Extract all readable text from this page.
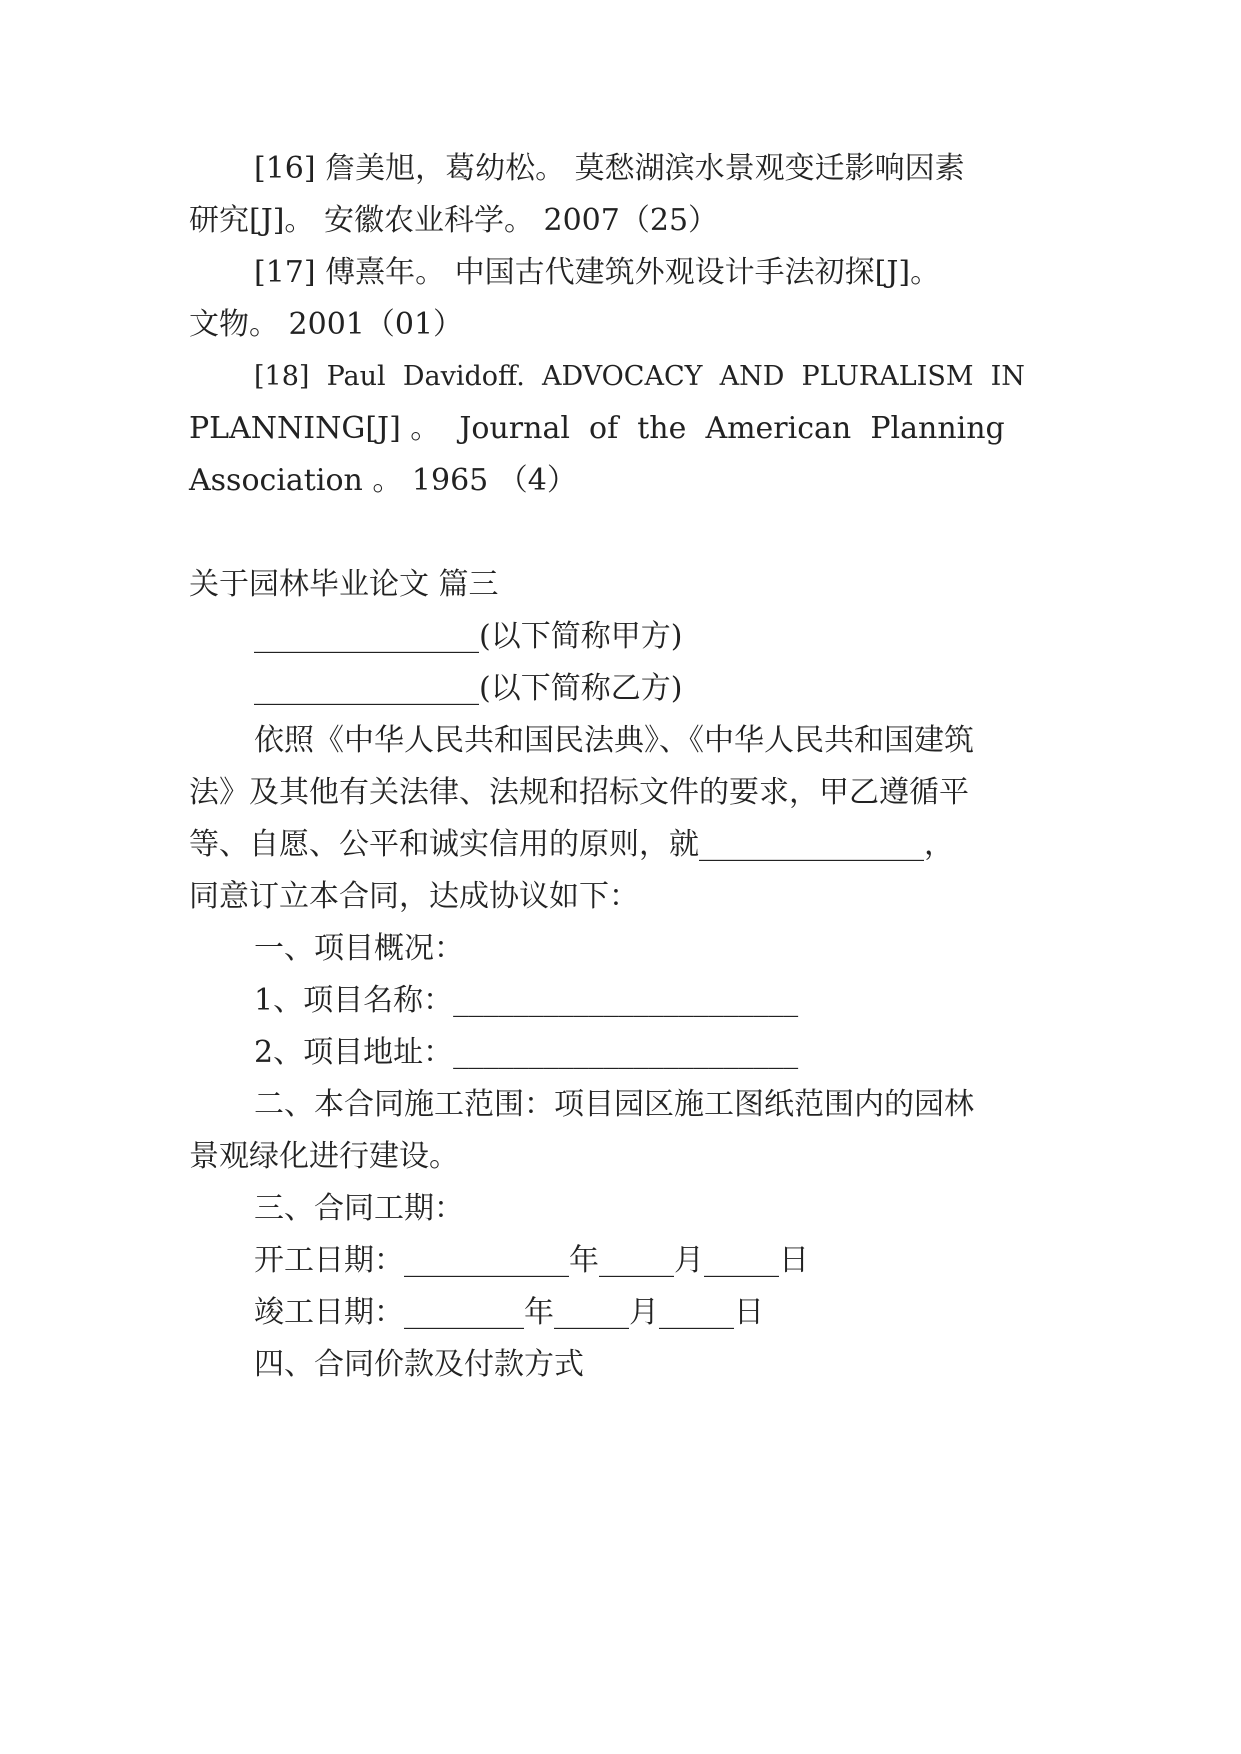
[16] 詹美旭，葛幼松。 莫愁湖滨水景观变迁影响因素
研究[J]。 安徽农业科学。 2007（25）
[17] 傅熹年。 中国古代建筑外观设计手法初探[J]。
文物。 2001（01）
[18]  Paul  Davidoff.  ADVOCACY  AND  PLURALISM  IN
PLANNING[J] 。  Journal  of  the  American  Planning
Association 。 1965 （4）
关于园林毕业论文 篇三
_______________(以下简称甲方)
_______________(以下简称乙方)
依照《中华人民共和国民法典》、《中华人民共和国建筑
法》及其他有关法律、法规和招标文件的要求，甲乙遵循平
等、自愿、公平和诚实信用的原则，就_______________，
同意订立本合同，达成协议如下：
一、项目概况：
1、项目名称：_______________________
2、项目地址：_______________________
二、本合同施工范围：项目园区施工图纸范围内的园林
景观绿化进行建设。
三、合同工期：
开工日期：___________年_____月_____日
竣工日期：________年_____月_____日
四、合同价款及付款方式
